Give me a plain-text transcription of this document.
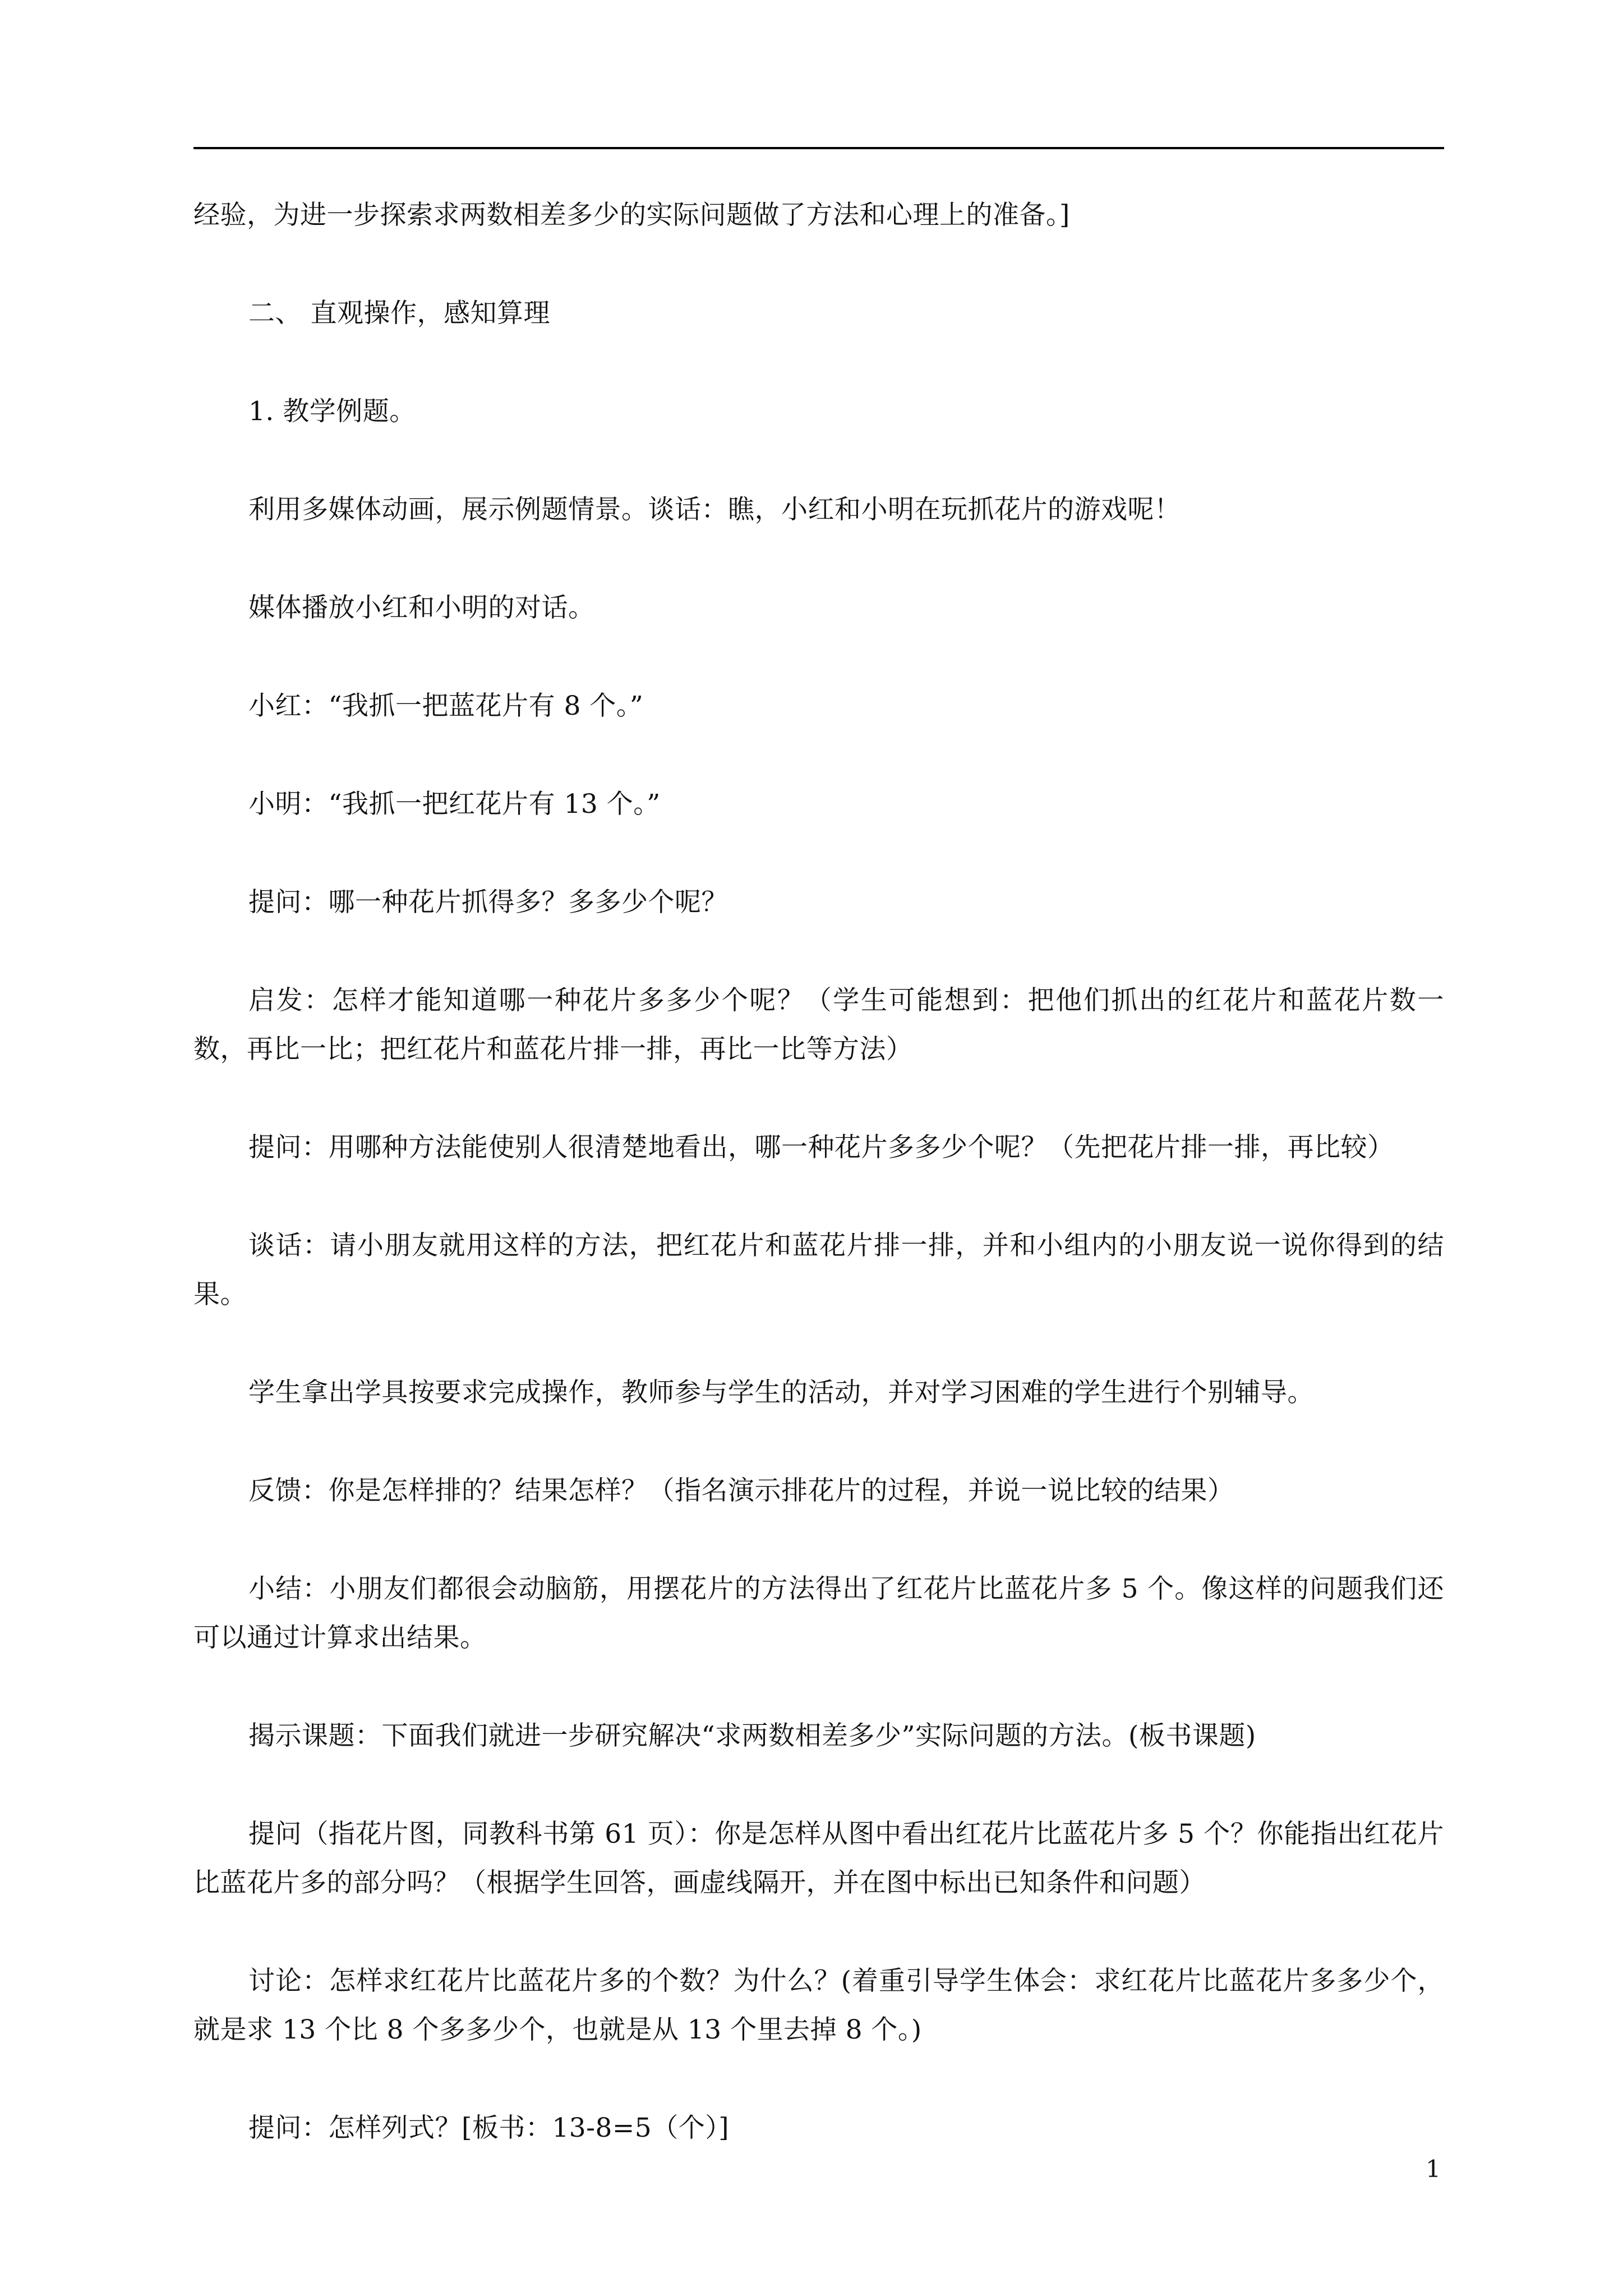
经验，为进一步探索求两数相差多少的实际问题做了方法和心理上的准备。]

二、 直观操作，感知算理

1. 教学例题。

利用多媒体动画，展示例题情景。谈话：瞧，小红和小明在玩抓花片的游戏呢！

媒体播放小红和小明的对话。

小红：“我抓一把蓝花片有 8 个。”

小明：“我抓一把红花片有 13 个。”

提问：哪一种花片抓得多？多多少个呢？

启发：怎样才能知道哪一种花片多多少个呢？（学生可能想到：把他们抓出的红花片和蓝花片数一数，再比一比；把红花片和蓝花片排一排，再比一比等方法）

提问：用哪种方法能使别人很清楚地看出，哪一种花片多多少个呢？（先把花片排一排，再比较）

谈话：请小朋友就用这样的方法，把红花片和蓝花片排一排，并和小组内的小朋友说一说你得到的结果。

学生拿出学具按要求完成操作，教师参与学生的活动，并对学习困难的学生进行个别辅导。

反馈：你是怎样排的？结果怎样？（指名演示排花片的过程，并说一说比较的结果）

小结：小朋友们都很会动脑筋，用摆花片的方法得出了红花片比蓝花片多 5 个。像这样的问题我们还可以通过计算求出结果。

揭示课题：下面我们就进一步研究解决“求两数相差多少”实际问题的方法。(板书课题)

提问（指花片图，同教科书第 61 页）：你是怎样从图中看出红花片比蓝花片多 5 个？你能指出红花片比蓝花片多的部分吗？（根据学生回答，画虚线隔开，并在图中标出已知条件和问题）

讨论：怎样求红花片比蓝花片多的个数？为什么？(着重引导学生体会：求红花片比蓝花片多多少个，就是求 13 个比 8 个多多少个，也就是从 13 个里去掉 8 个。)

提问：怎样列式？[板书：13-8=5（个）]

1
